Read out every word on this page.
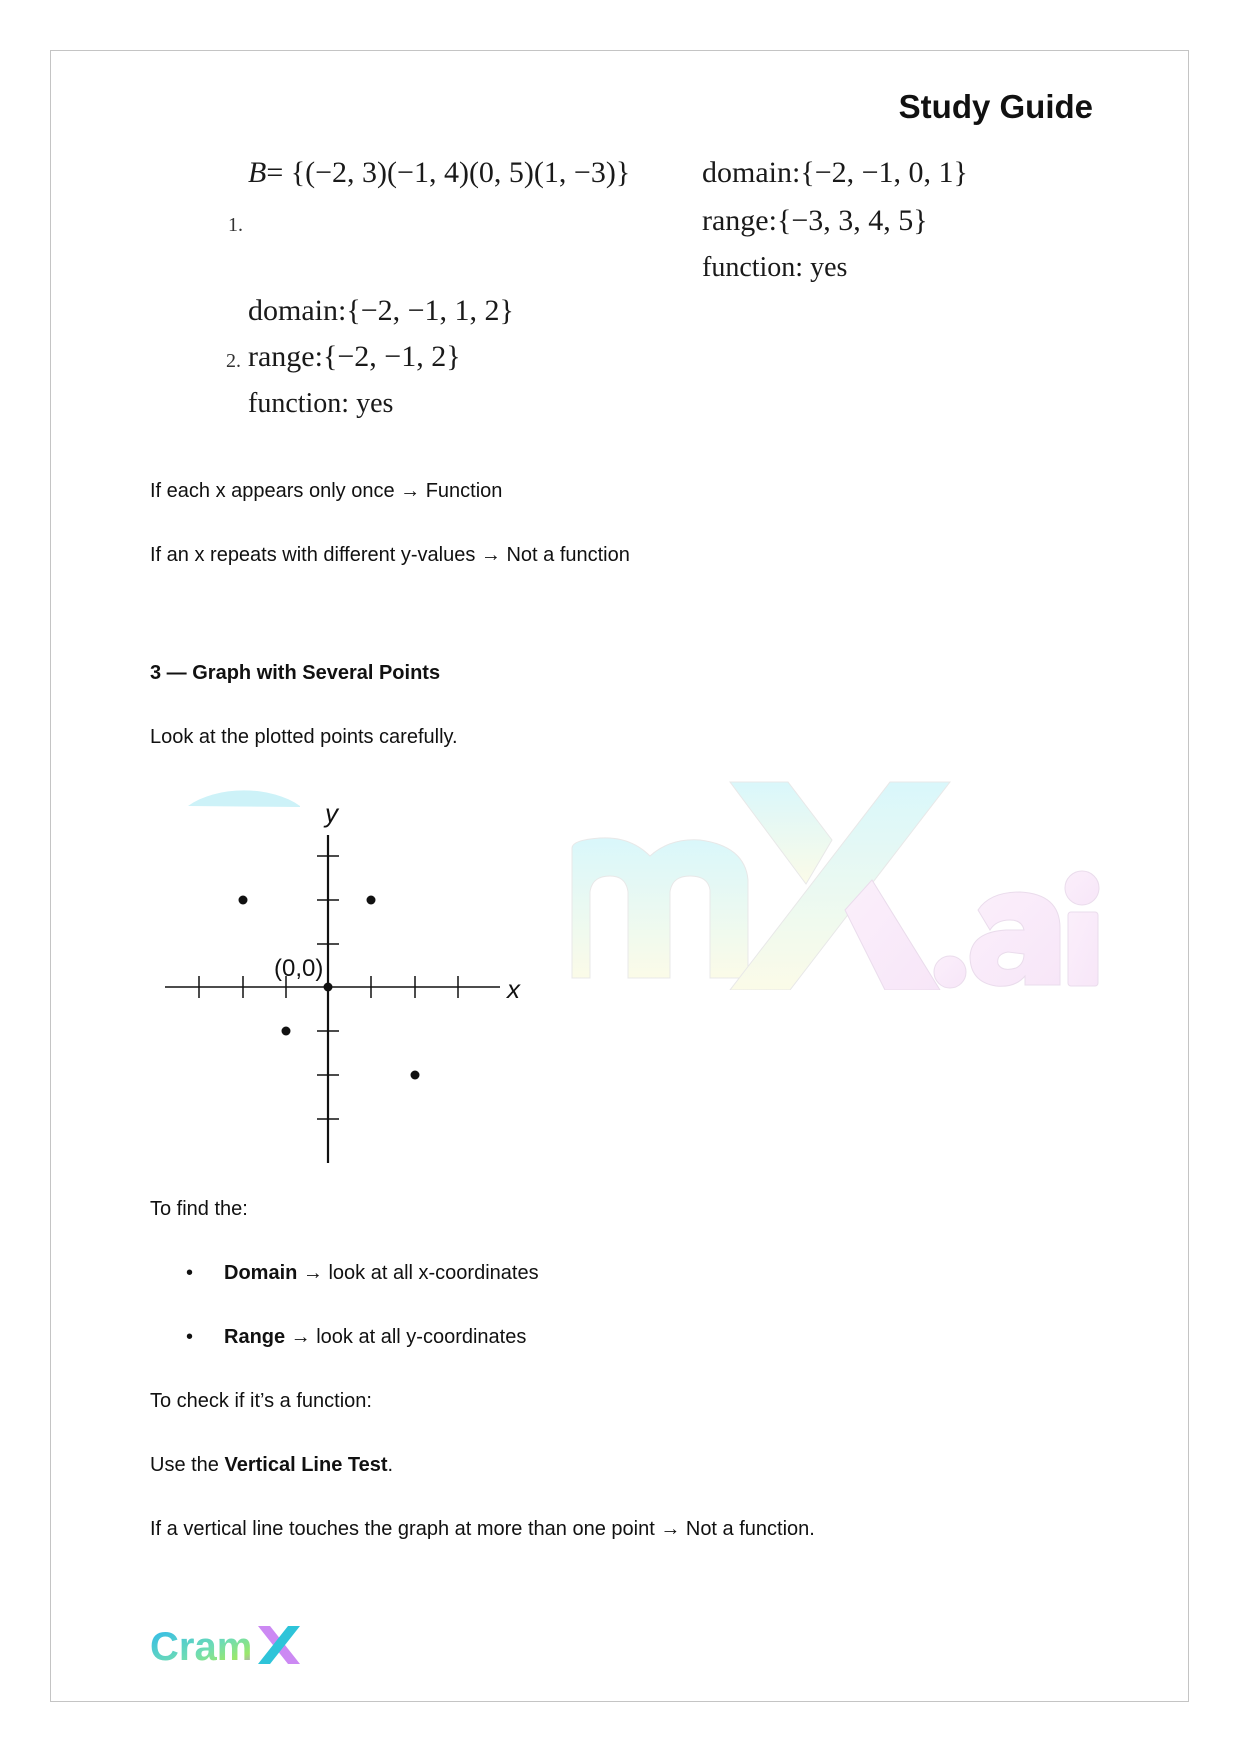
Study Guide
1.
B= {(−2, 3)(−1, 4)(0, 5)(1, −3)} domain:{−2, −1, 0, 1}
range:{−3, 3, 4, 5}
function: yes
domain:{−2, −1, 1, 2}
2. range:{−2, −1, 2}
function: yes
If each x appears only once → Function
If an x repeats with different y-values → Not a function
3 — Graph with Several Points
Look at the plotted points carefully.
y
x
(0,0)
To find the:
• Domain → look at all x-coordinates
• Range → look at all y-coordinates
To check if it’s a function:
Use the Vertical Line Test.
If a vertical line touches the graph at more than one point → Not a function.
Cram
